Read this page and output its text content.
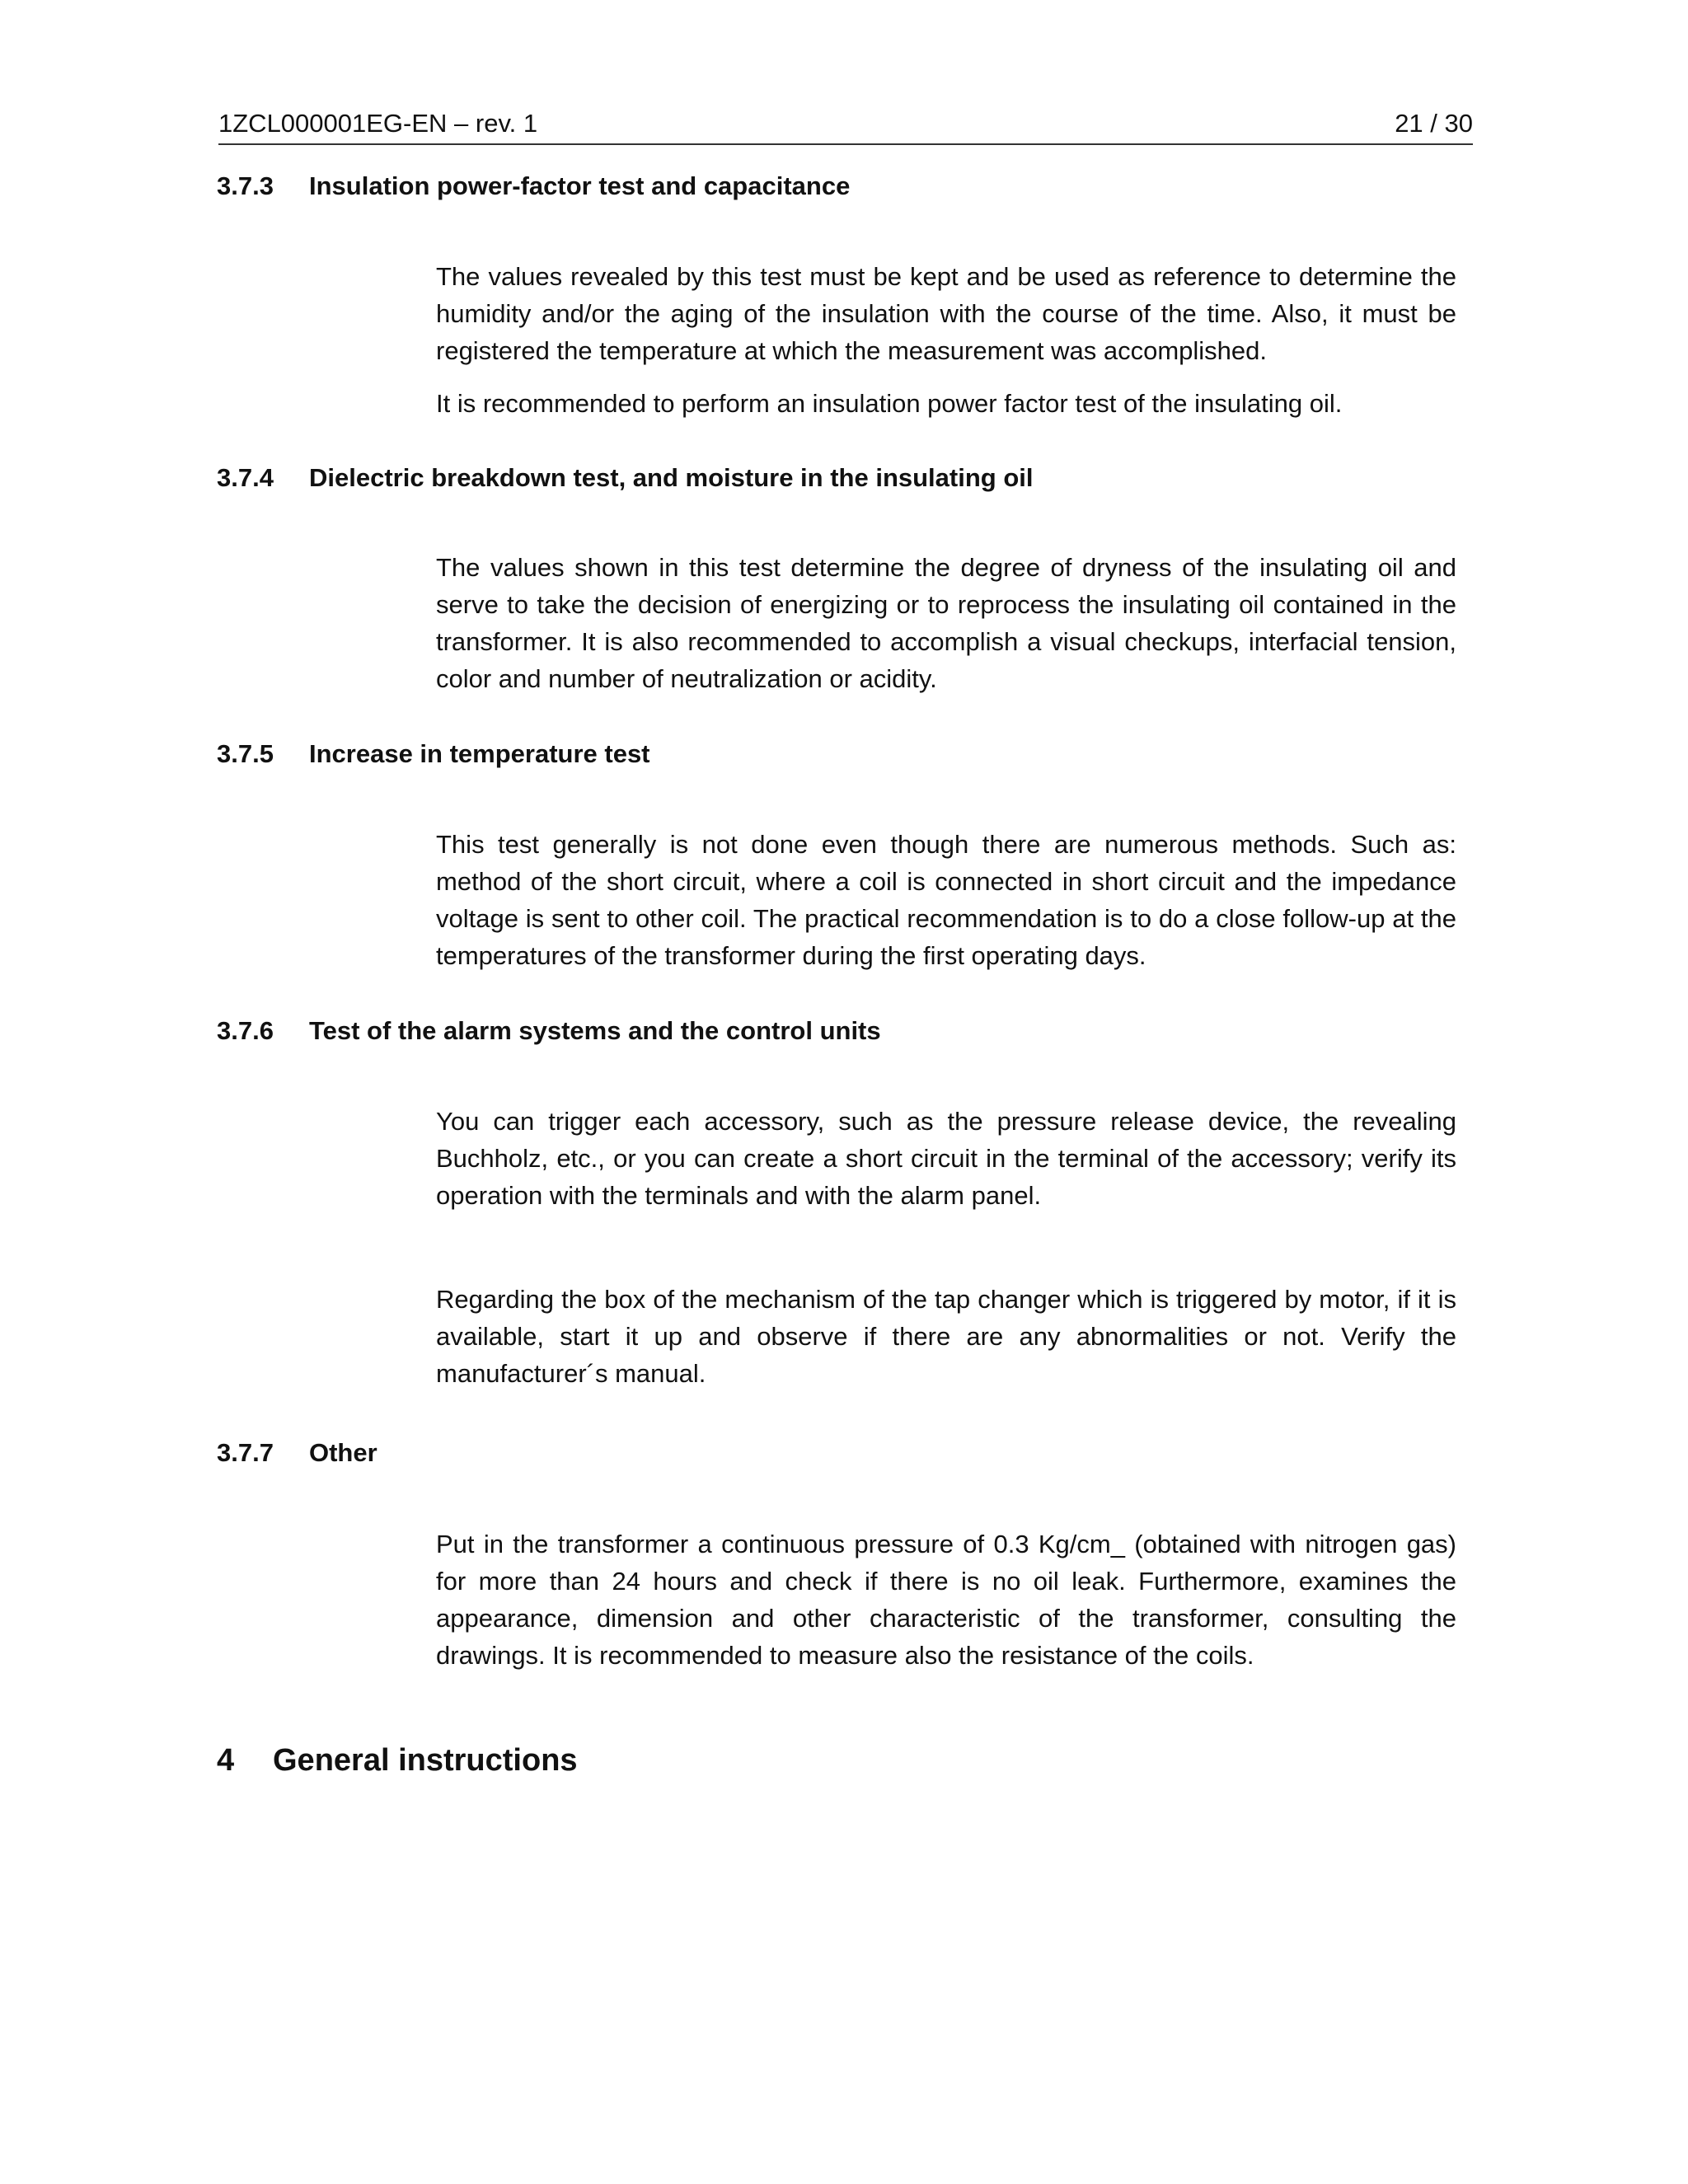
1ZCL000001EG-EN – rev. 1	21 / 30
3.7.3 Insulation power-factor test and capacitance

The values revealed by this test must be kept and be used as reference to determine the humidity and/or the aging of the insulation with the course of the time. Also, it must be registered the temperature at which the measurement was accomplished.

It is recommended to perform an insulation power factor test of the insulating oil.

3.7.4 Dielectric breakdown test, and moisture in the insulating oil

The values shown in this test determine the degree of dryness of the insulating oil and serve to take the decision of energizing or to reprocess the insulating oil contained in the transformer. It is also recommended to accomplish a visual checkups, interfacial tension, color and number of neutralization or acidity.

3.7.5 Increase in temperature test

This test generally is not done even though there are numerous methods. Such as: method of the short circuit, where a coil is connected in short circuit and the impedance voltage is sent to other coil. The practical recommendation is to do a close follow-up at the temperatures of the transformer during the first operating days.

3.7.6 Test of the alarm systems and the control units

You can trigger each accessory, such as the pressure release device, the revealing Buchholz, etc., or you can create a short circuit in the terminal of the accessory; verify its operation with the terminals and with the alarm panel.

Regarding the box of the mechanism of the tap changer which is triggered by motor, if it is available, start it up and observe if there are any abnormalities or not. Verify the manufacturer´s manual.

3.7.7 Other

Put in the transformer a continuous pressure of 0.3 Kg/cm_ (obtained with nitrogen gas) for more than 24 hours and check if there is no oil leak. Furthermore, examines the appearance, dimension and other characteristic of the transformer, consulting the drawings. It is recommended to measure also the resistance of the coils.

4 General instructions
